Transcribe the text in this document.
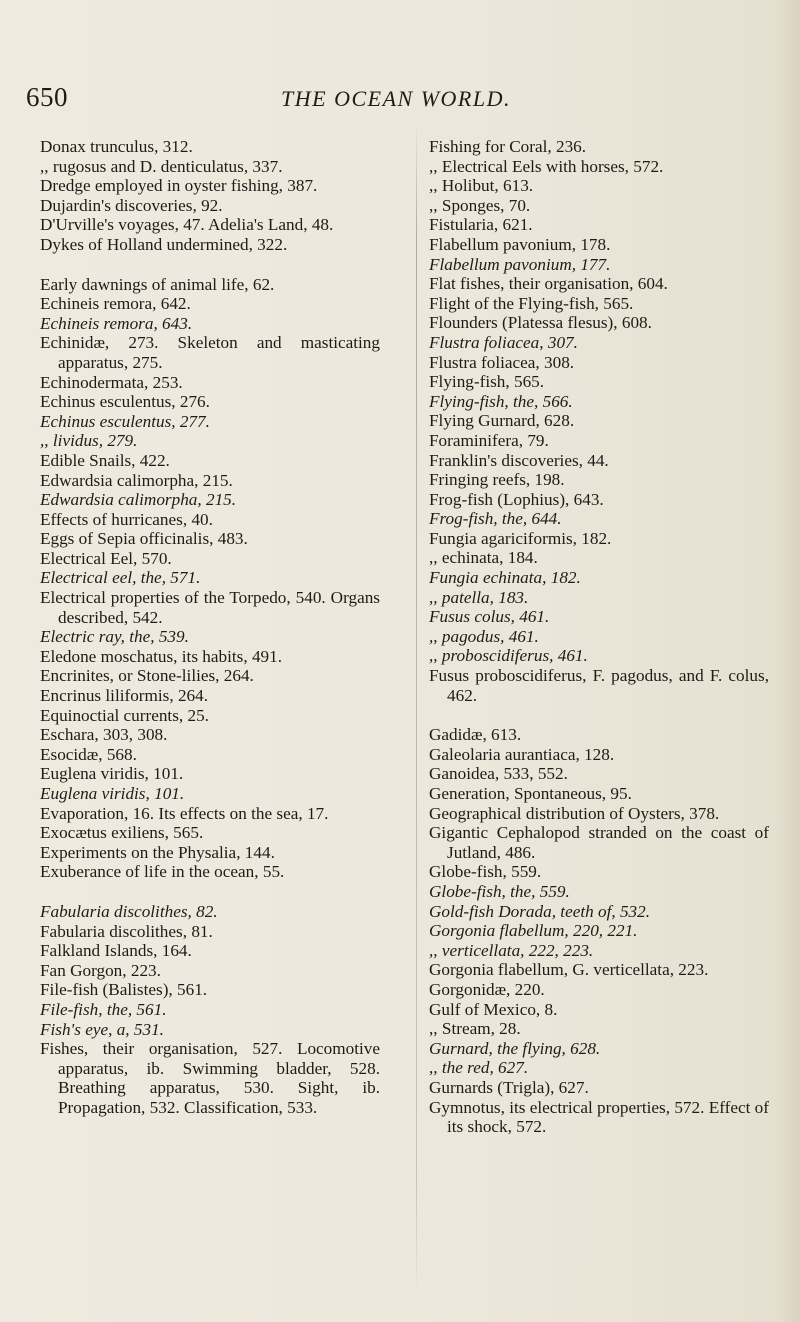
650	THE OCEAN WORLD.

Donax trunculus, 312.

,, rugosus and D. denticulatus, 337.

Dredge employed in oyster fishing, 387.

Dujardin's discoveries, 92.

D'Urville's voyages, 47. Adelia's Land, 48.

Dykes of Holland undermined, 322.

Early dawnings of animal life, 62.

Echineis remora, 642.

Echineis remora, 643.

Echinidæ, 273. Skeleton and masticating apparatus, 275.

Echinodermata, 253.

Echinus esculentus, 276.

Echinus esculentus, 277.

,, lividus, 279.

Edible Snails, 422.

Edwardsia calimorpha, 215.

Edwardsia calimorpha, 215.

Effects of hurricanes, 40.

Eggs of Sepia officinalis, 483.

Electrical Eel, 570.

Electrical eel, the, 571.

Electrical properties of the Torpedo, 540. Organs described, 542.

Electric ray, the, 539.

Eledone moschatus, its habits, 491.

Encrinites, or Stone-lilies, 264.

Encrinus liliformis, 264.

Equinoctial currents, 25.

Eschara, 303, 308.

Esocidæ, 568.

Euglena viridis, 101.

Euglena viridis, 101.

Evaporation, 16. Its effects on the sea, 17.

Exocætus exiliens, 565.

Experiments on the Physalia, 144.

Exuberance of life in the ocean, 55.

Fabularia discolithes, 82.

Fabularia discolithes, 81.

Falkland Islands, 164.

Fan Gorgon, 223.

File-fish (Balistes), 561.

File-fish, the, 561.

Fish's eye, a, 531.

Fishes, their organisation, 527. Locomotive apparatus, ib. Swimming bladder, 528. Breathing apparatus, 530. Sight, ib. Propagation, 532. Classification, 533.

Fishing for Coral, 236.

,, Electrical Eels with horses, 572.

,, Holibut, 613.

,, Sponges, 70.

Fistularia, 621.

Flabellum pavonium, 178.

Flabellum pavonium, 177.

Flat fishes, their organisation, 604.

Flight of the Flying-fish, 565.

Flounders (Platessa flesus), 608.

Flustra foliacea, 307.

Flustra foliacea, 308.

Flying-fish, 565.

Flying-fish, the, 566.

Flying Gurnard, 628.

Foraminifera, 79.

Franklin's discoveries, 44.

Fringing reefs, 198.

Frog-fish (Lophius), 643.

Frog-fish, the, 644.

Fungia agariciformis, 182.

,, echinata, 184.

Fungia echinata, 182.

,, patella, 183.

Fusus colus, 461.

,, pagodus, 461.

,, proboscidiferus, 461.

Fusus proboscidiferus, F. pagodus, and F. colus, 462.

Gadidæ, 613.

Galeolaria aurantiaca, 128.

Ganoidea, 533, 552.

Generation, Spontaneous, 95.

Geographical distribution of Oysters, 378.

Gigantic Cephalopod stranded on the coast of Jutland, 486.

Globe-fish, 559.

Globe-fish, the, 559.

Gold-fish Dorada, teeth of, 532.

Gorgonia flabellum, 220, 221.

,, verticellata, 222, 223.

Gorgonia flabellum, G. verticellata, 223.

Gorgonidæ, 220.

Gulf of Mexico, 8.

,, Stream, 28.

Gurnard, the flying, 628.

,, the red, 627.

Gurnards (Trigla), 627.

Gymnotus, its electrical properties, 572. Effect of its shock, 572.
